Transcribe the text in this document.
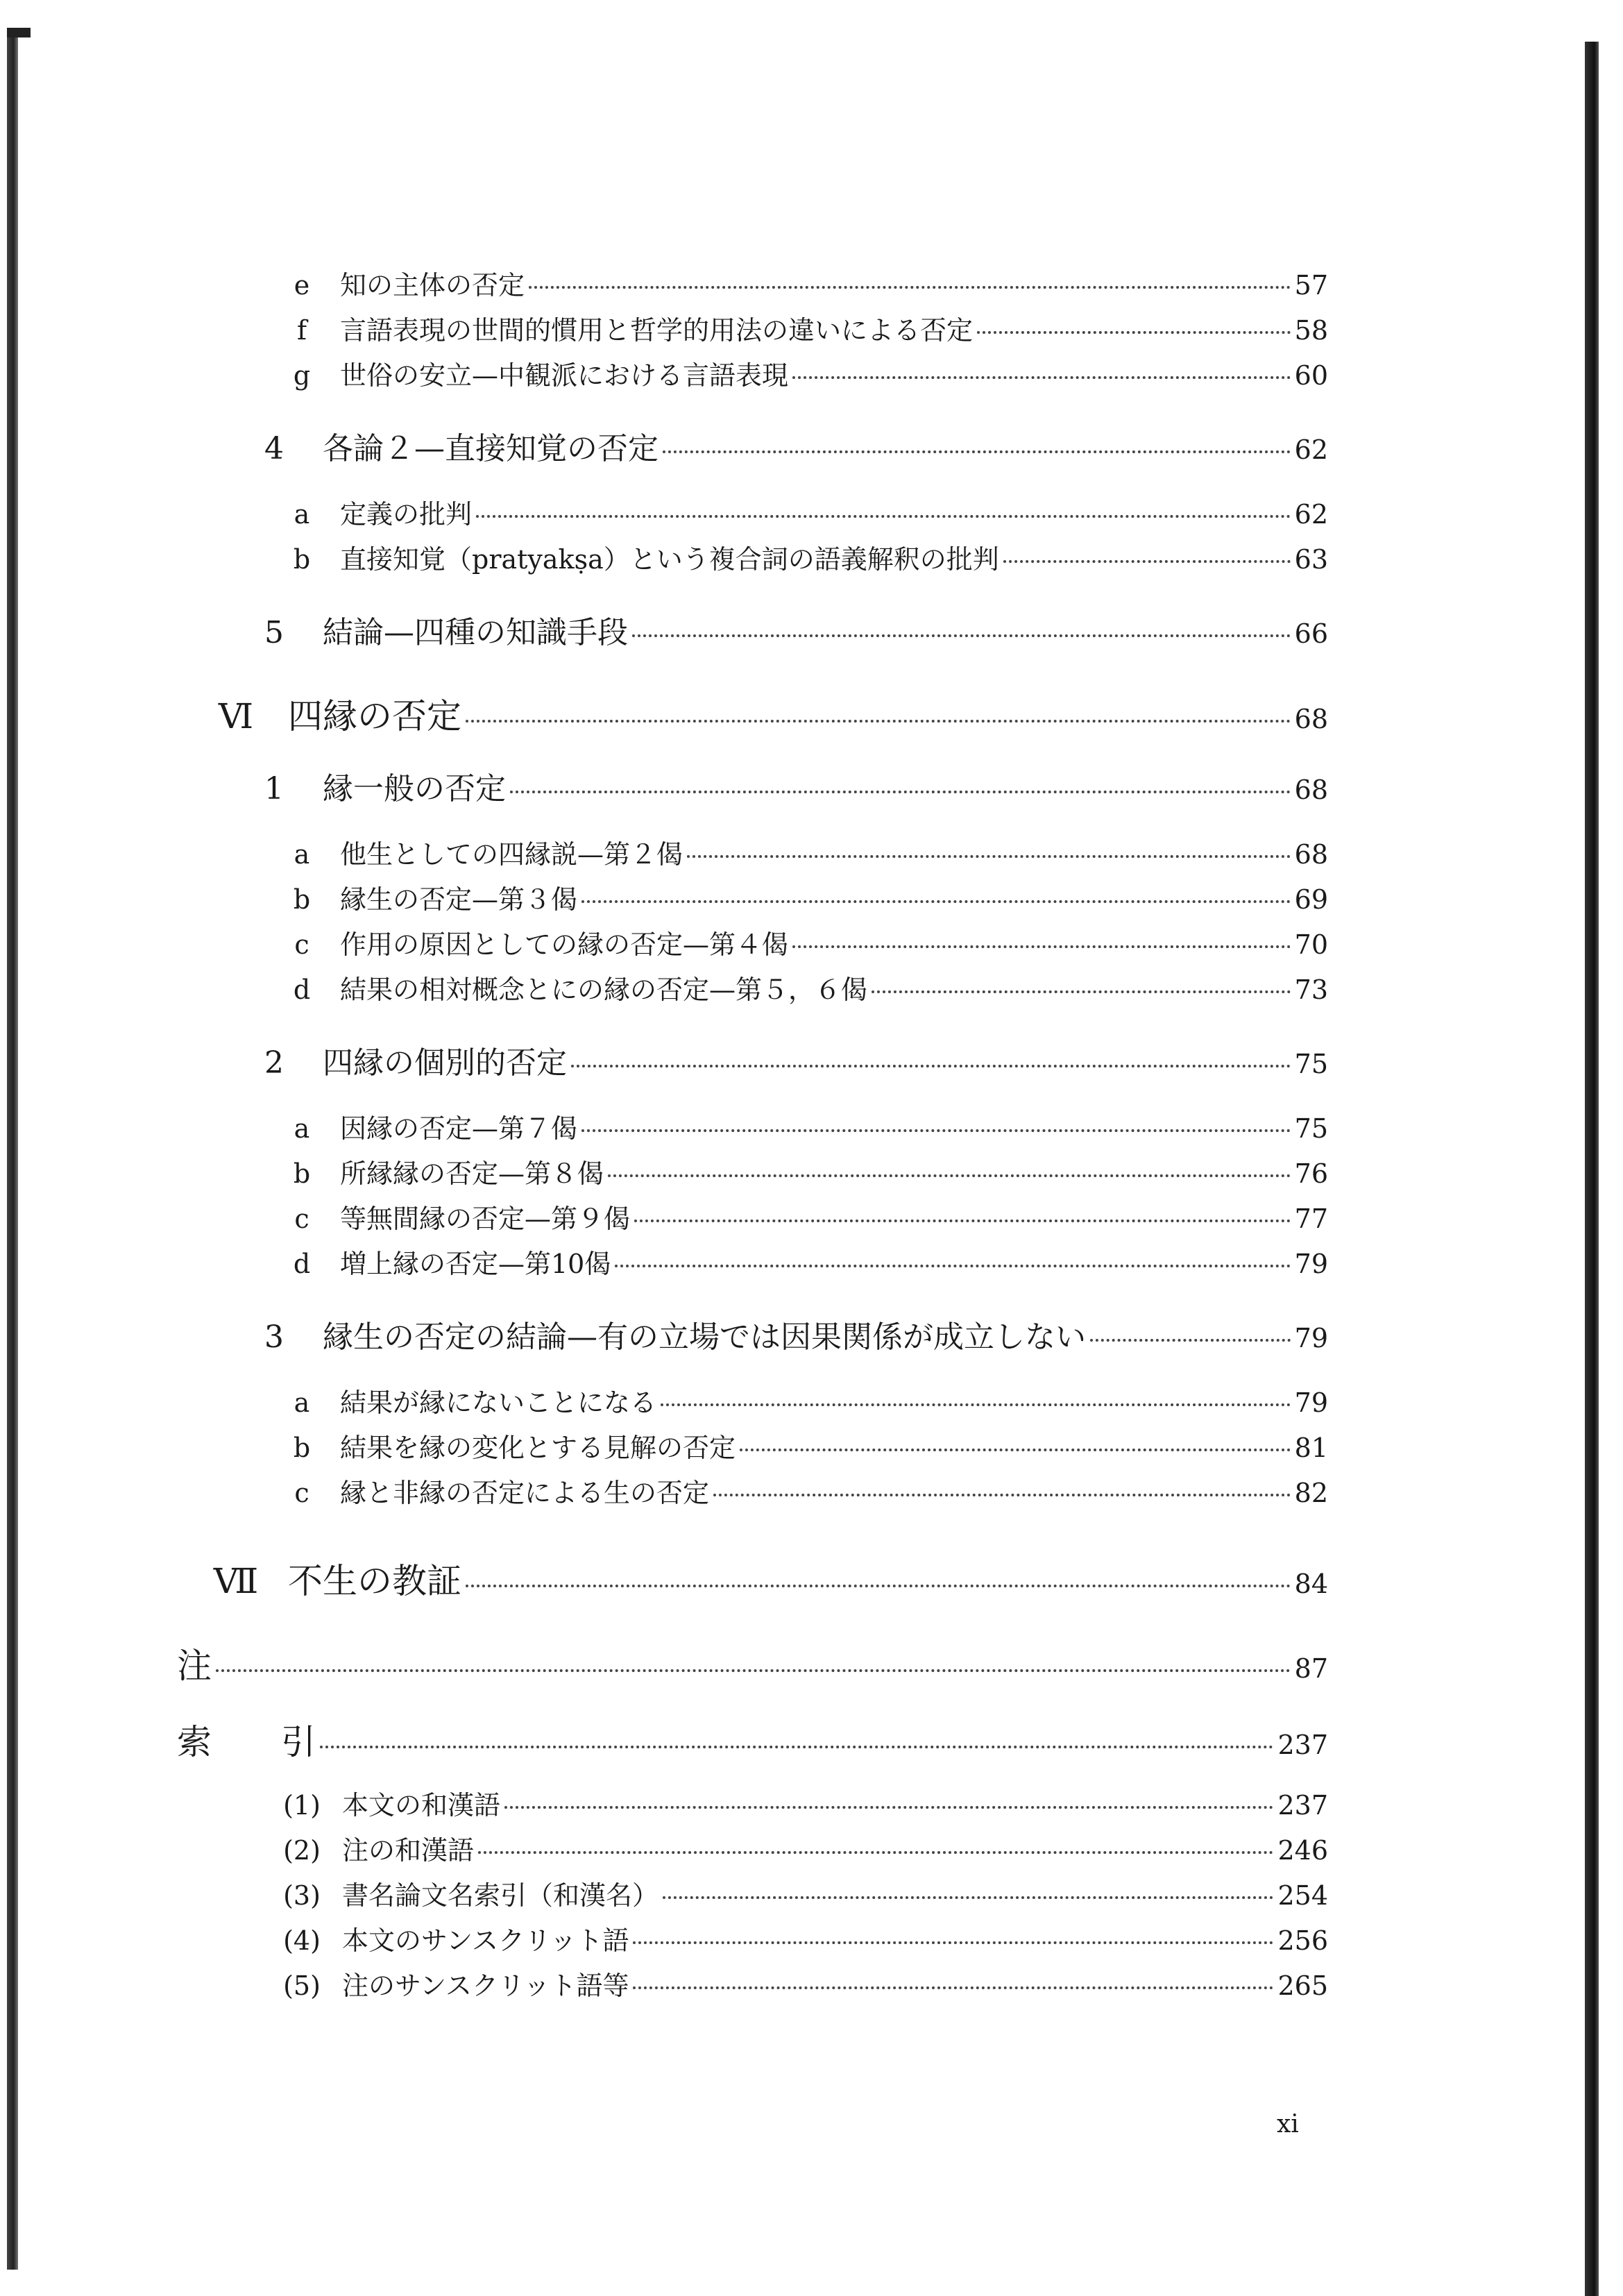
e 知の主体の否定	57
f	言語表現の世間的慣用と哲学的用法の違いによる否定	58
g 世俗の安立—中観派における言語表現	60
4 各論２—直接知覚の否定	62
a 定義の批判	62
b 直接知覚（pratyakṣa）という複合詞の語義解釈の批判	63
5 結論—四種の知識手段	66
Ⅵ 四縁の否定	68
1 縁一般の否定	68
a 他生としての四縁説—第２偈	68
b 縁生の否定—第３偈	69
c 作用の原因としての縁の否定—第４偈	70
d 結果の相対概念とにの縁の否定—第５，６偈	73
2 四縁の個別的否定	75
a 因縁の否定—第７偈	75
b 所縁縁の否定—第８偈	76
c 等無間縁の否定—第９偈	77
d 増上縁の否定—第10偈	79
3 縁生の否定の結論—有の立場では因果関係が成立しない	79
a 結果が縁にないことになる	79
b 結果を縁の変化とする見解の否定	81
c 縁と非縁の否定による生の否定	82
Ⅶ 不生の教証	84
注	87
索　　引	237
(1) 本文の和漢語	237
(2) 注の和漢語	246
(3) 書名論文名索引（和漢名）	254
(4) 本文のサンスクリット語	256
(5) 注のサンスクリット語等	265
xi
